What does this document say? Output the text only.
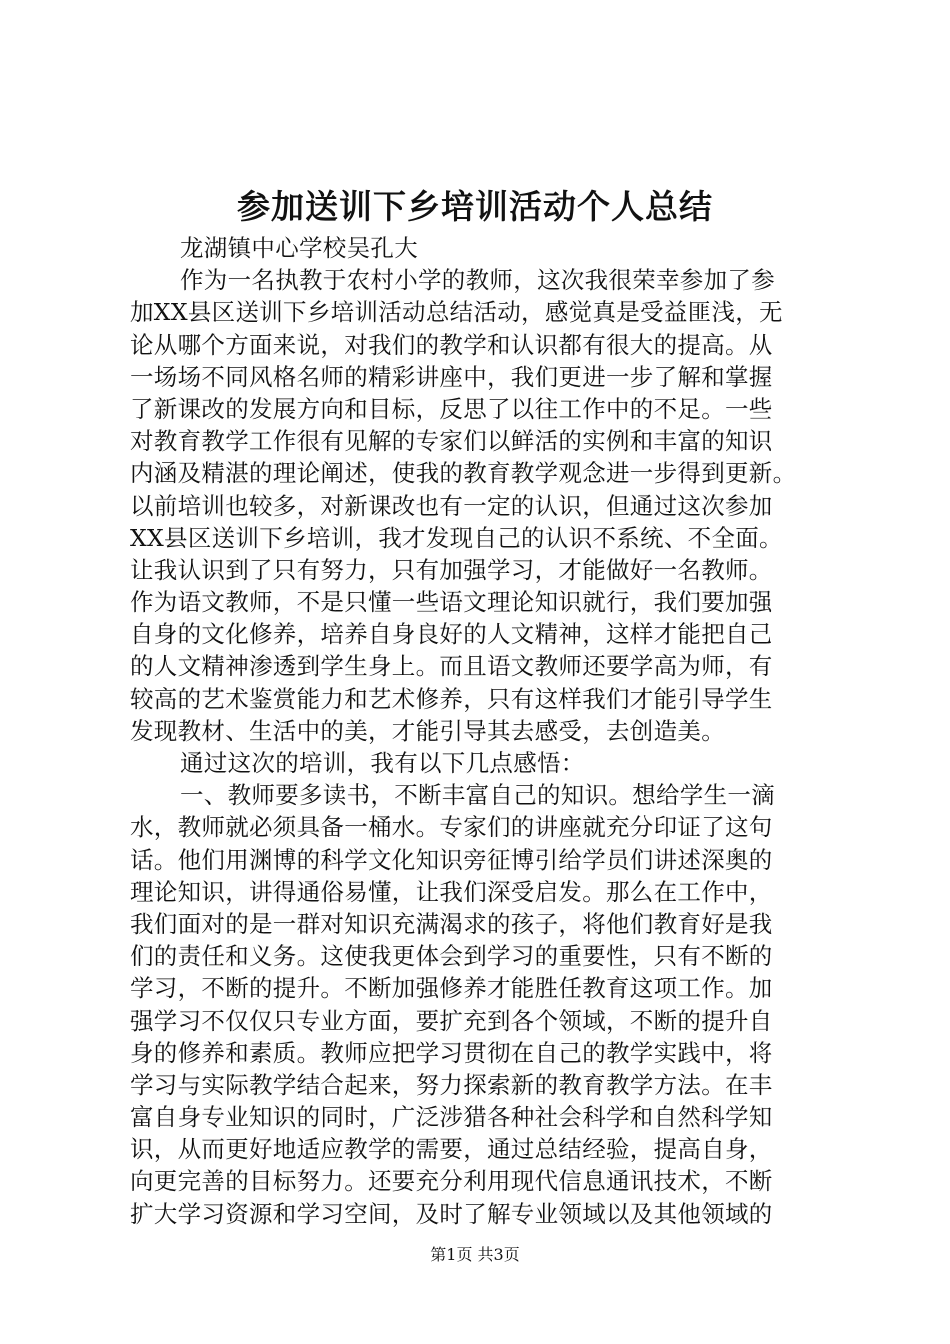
参加送训下乡培训活动个人总结
龙湖镇中心学校吴孔大
作为一名执教于农村小学的教师，这次我很荣幸参加了参
加XX县区送训下乡培训活动总结活动，感觉真是受益匪浅，无
论从哪个方面来说，对我们的教学和认识都有很大的提高。从
一场场不同风格名师的精彩讲座中，我们更进一步了解和掌握
了新课改的发展方向和目标，反思了以往工作中的不足。一些
对教育教学工作很有见解的专家们以鲜活的实例和丰富的知识
内涵及精湛的理论阐述，使我的教育教学观念进一步得到更新。
以前培训也较多，对新课改也有一定的认识，但通过这次参加
XX县区送训下乡培训，我才发现自己的认识不系统、不全面。
让我认识到了只有努力，只有加强学习，才能做好一名教师。
作为语文教师，不是只懂一些语文理论知识就行，我们要加强
自身的文化修养，培养自身良好的人文精神，这样才能把自己
的人文精神渗透到学生身上。而且语文教师还要学高为师，有
较高的艺术鉴赏能力和艺术修养，只有这样我们才能引导学生
发现教材、生活中的美，才能引导其去感受，去创造美。
通过这次的培训，我有以下几点感悟：
一、教师要多读书，不断丰富自己的知识。想给学生一滴
水，教师就必须具备一桶水。专家们的讲座就充分印证了这句
话。他们用渊博的科学文化知识旁征博引给学员们讲述深奥的
理论知识，讲得通俗易懂，让我们深受启发。那么在工作中，
我们面对的是一群对知识充满渴求的孩子，将他们教育好是我
们的责任和义务。这使我更体会到学习的重要性，只有不断的
学习，不断的提升。不断加强修养才能胜任教育这项工作。加
强学习不仅仅只专业方面，要扩充到各个领域，不断的提升自
身的修养和素质。教师应把学习贯彻在自己的教学实践中，将
学习与实际教学结合起来，努力探索新的教育教学方法。在丰
富自身专业知识的同时，广泛涉猎各种社会科学和自然科学知
识，从而更好地适应教学的需要，通过总结经验，提高自身，
向更完善的目标努力。还要充分利用现代信息通讯技术，不断
扩大学习资源和学习空间，及时了解专业领域以及其他领域的
第1页 共3页
